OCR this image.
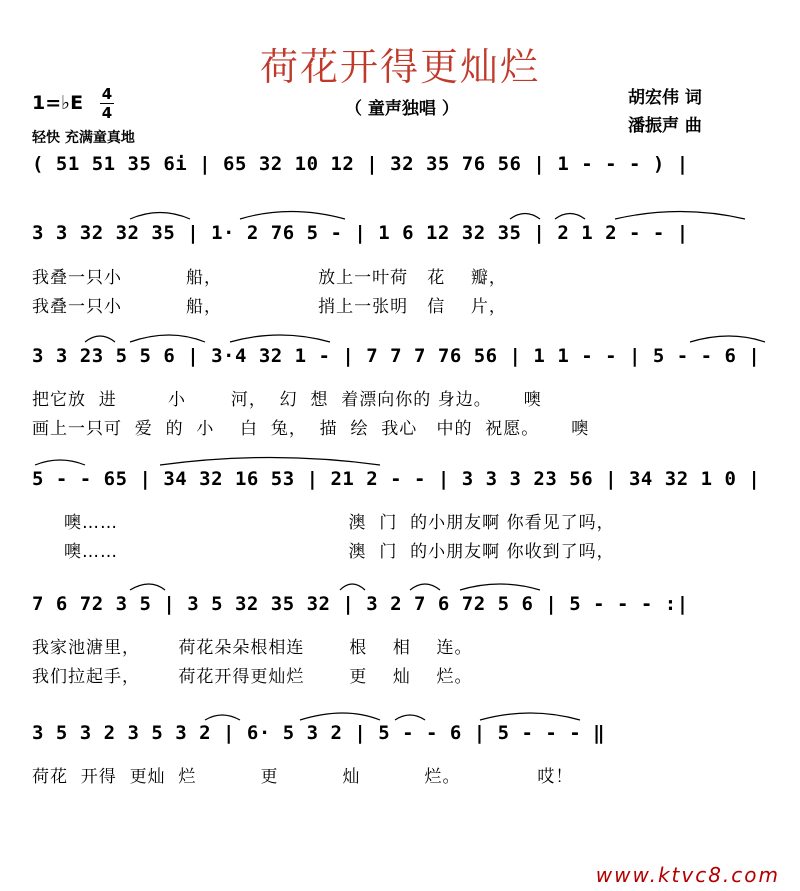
荷花开得更灿烂
1=♭E 4
4	（ 童声独唱 ）
轻快 充满童真地
胡宏伟 词
潘振声 曲
( 51 51 35 6i | 65 32 10 12 | 32 35 76 56 | 1 - - - ) |
3 3 32 32 35 | 1· 2 76 5 - | 1 6 12 32 35 | 2 1 2 - - |
我叠一只小          船，               放上一叶荷   花    瓣，
我叠一只小          船，               捎上一张明   信    片，
3 3 23 5 5 6 | 3·4 32 1 - | 7 7 7 76 56 | 1 1 - - | 5 - - 6 |
把它放  进        小       河，  幻  想  着漂向你的 身边。     噢
画上一只可  爱  的  小    白  兔，  描  绘  我心   中的  祝愿。     噢
5 - - 65 | 34 32 16 53 | 21 2 - - | 3 3 3 23 56 | 34 32 1 0 |
噢……                                    澳  门  的小朋友啊 你看见了吗，
噢……                                    澳  门  的小朋友啊 你收到了吗，
7 6 72 3 5 | 3 5 32 35 32 | 3 2 7 6 72 5 6 | 5 - - - :|
我家池溏里，      荷花朵朵根相连       根    相    连。
我们拉起手，      荷花开得更灿烂       更    灿    烂。
3 5 3 2 3 5 3 2 | 6· 5 3 2 | 5 - - 6 | 5 - - - ‖
荷花  开得  更灿  烂          更          灿          烂。            哎！
www.ktvc8.com
